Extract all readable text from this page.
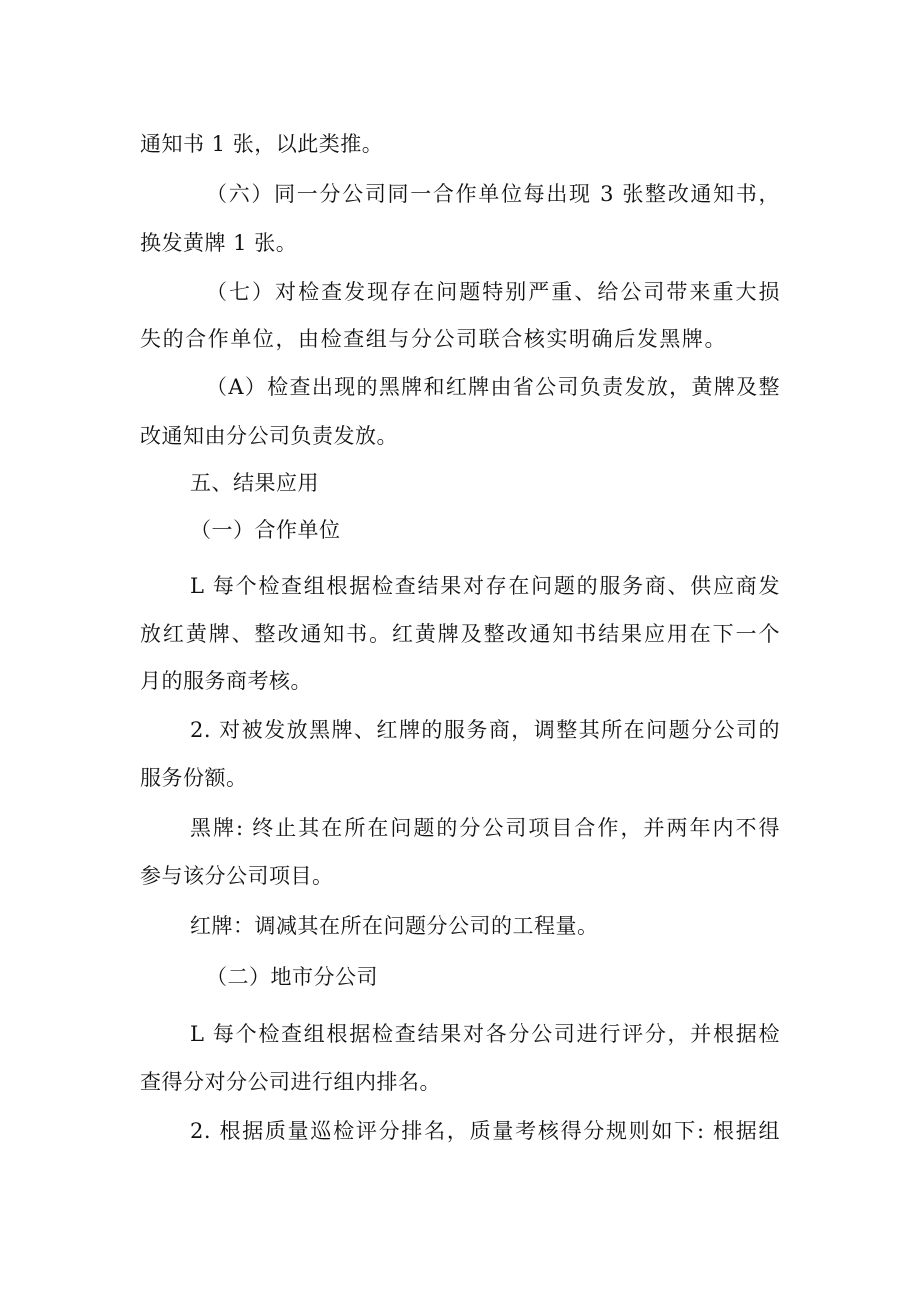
通知书 1 张，以此类推。
（六）同一分公司同一合作单位每出现 3 张整改通知书，
换发黄牌 1 张。
（七）对检查发现存在问题特别严重、给公司带来重大损
失的合作单位，由检查组与分公司联合核实明确后发黑牌。
（A）检查出现的黑牌和红牌由省公司负责发放，黄牌及整
改通知由分公司负责发放。
五、结果应用
（一）合作单位
L 每个检查组根据检查结果对存在问题的服务商、供应商发
放红黄牌、整改通知书。红黄牌及整改通知书结果应用在下一个
月的服务商考核。
2. 对被发放黑牌、红牌的服务商，调整其所在问题分公司的
服务份额。
黑牌: 终止其在所在问题的分公司项目合作，并两年内不得
参与该分公司项目。
红牌：调减其在所在问题分公司的工程量。
（二）地市分公司
L 每个检查组根据检查结果对各分公司进行评分，并根据检
查得分对分公司进行组内排名。
2. 根据质量巡检评分排名，质量考核得分规则如下: 根据组
